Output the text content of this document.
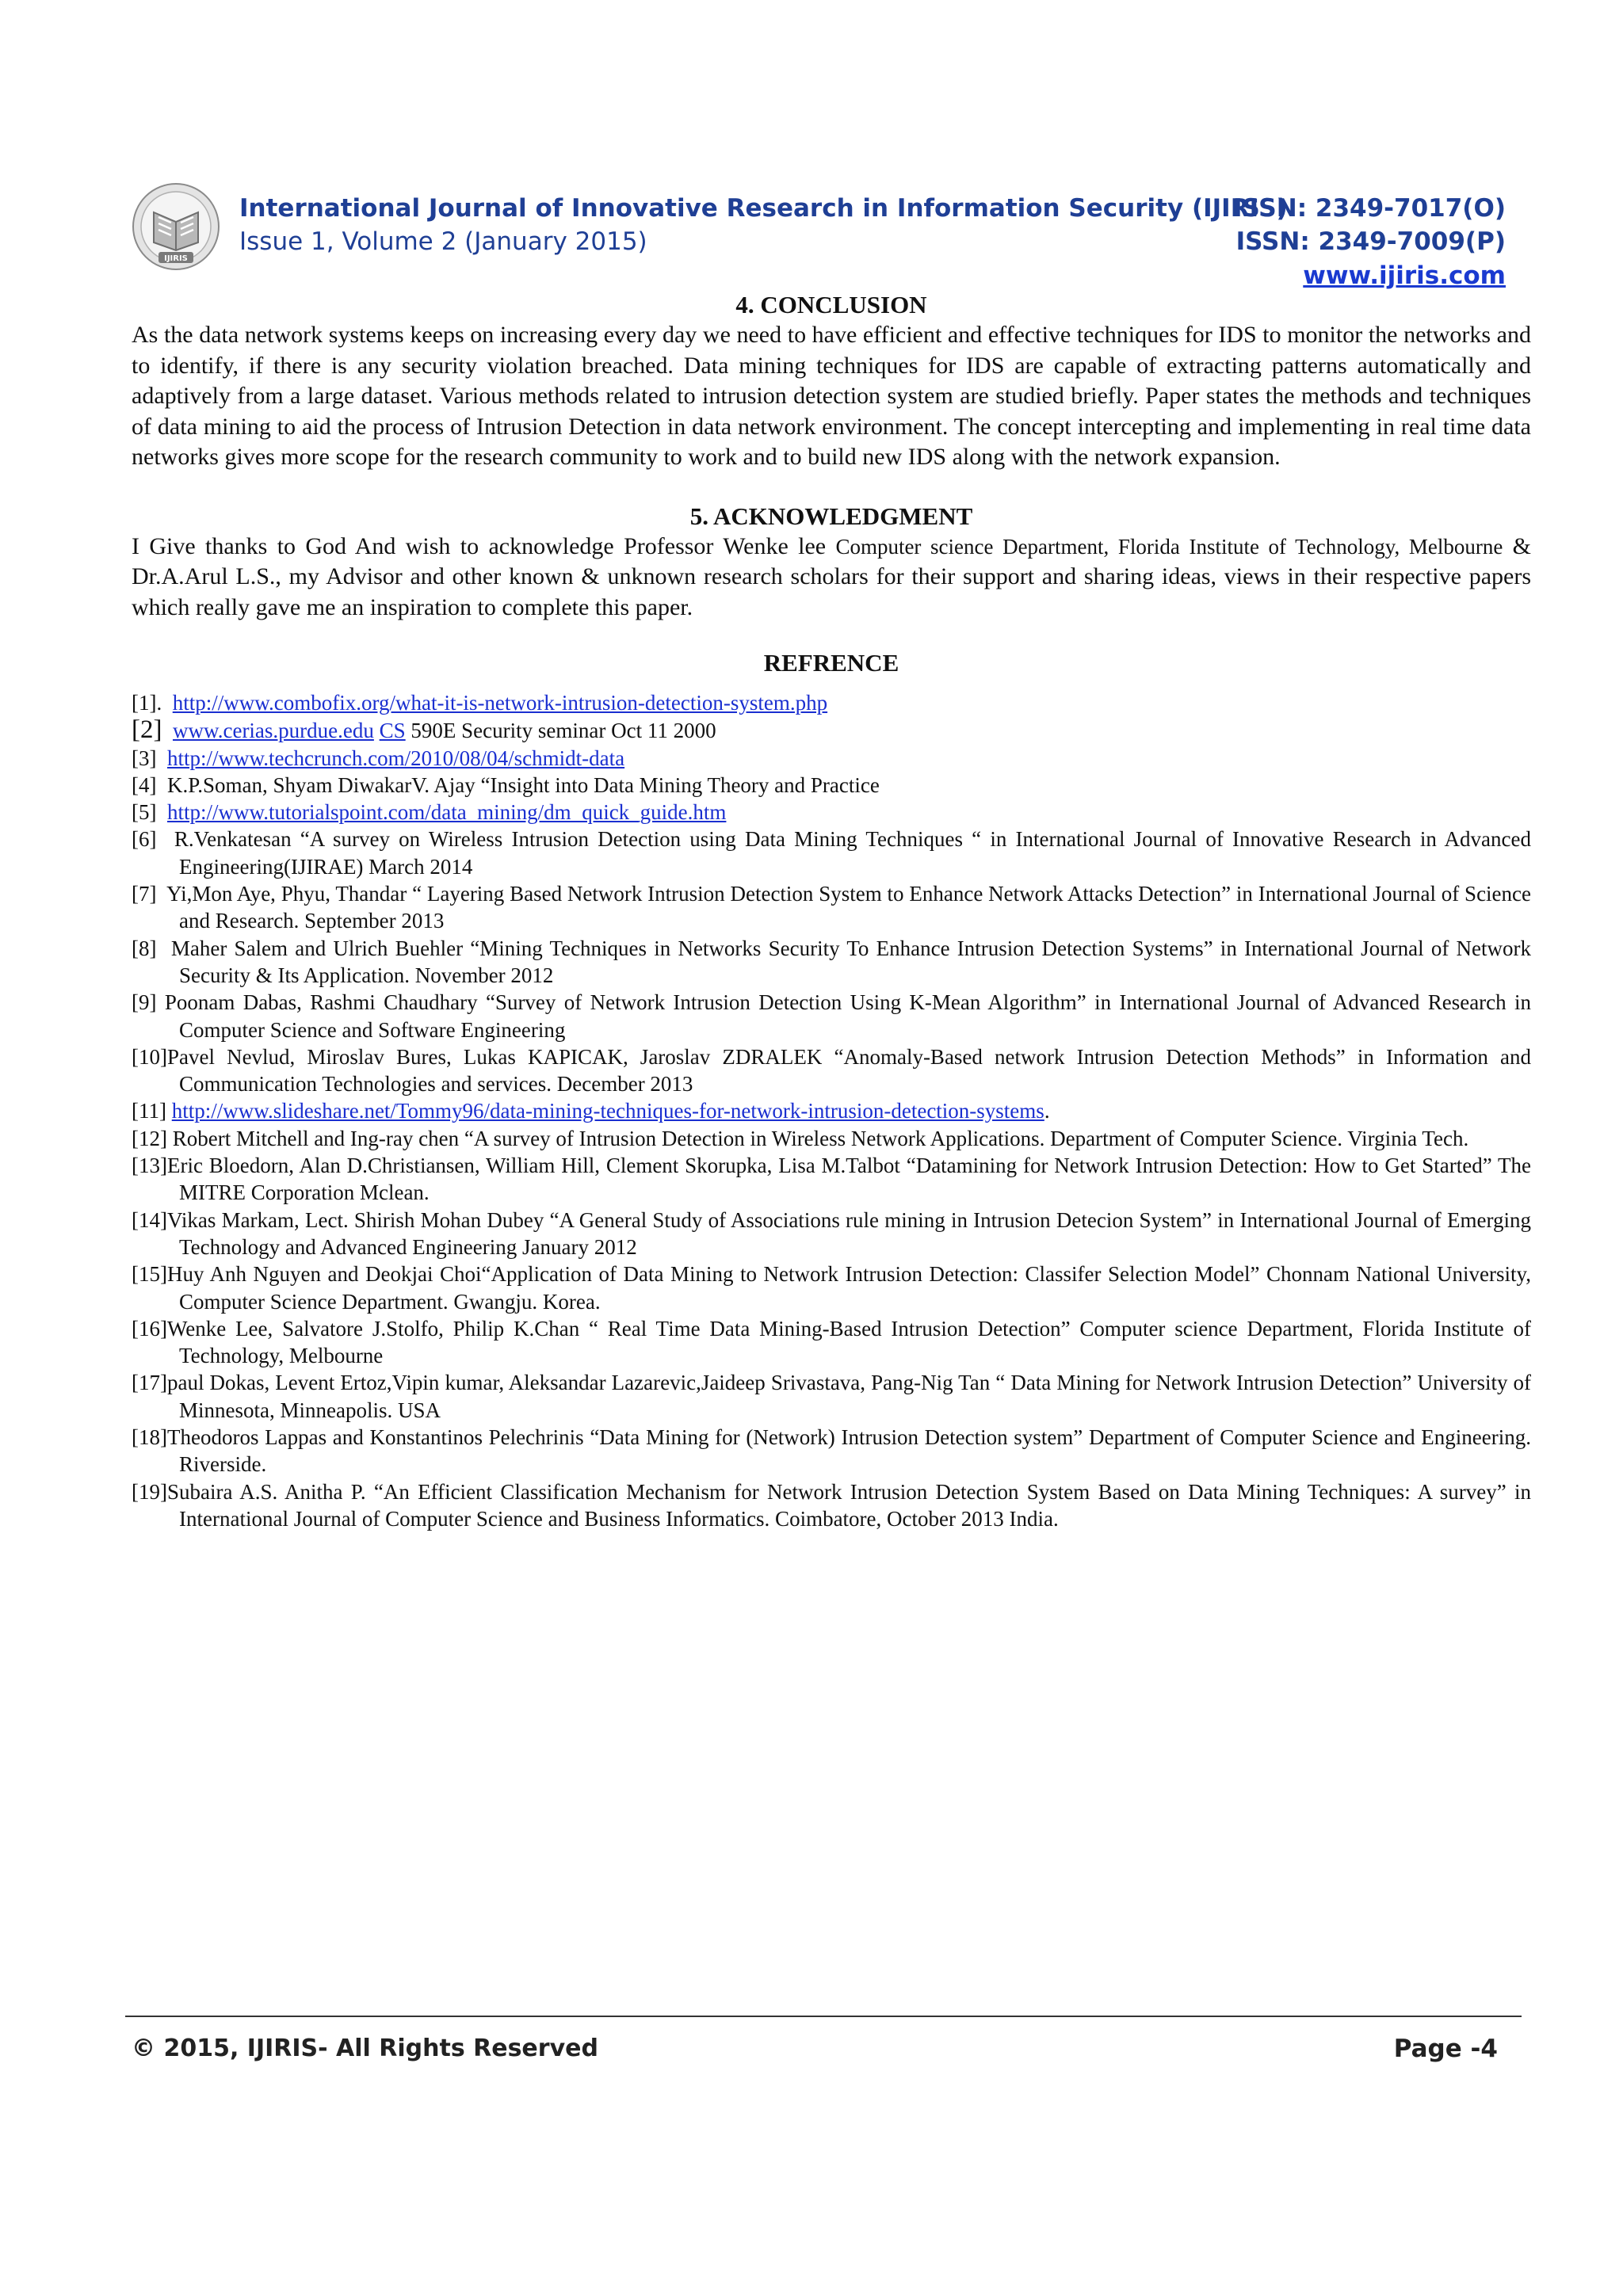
IJIRIS
International Journal of Innovative Research in Information Security (IJIRIS)
Issue 1, Volume 2 (January 2015)
ISSN: 2349-7017(O)
ISSN: 2349-7009(P)
www.ijiris.com
4. CONCLUSION

As the data network systems keeps on increasing every day we need to have efficient and effective techniques for IDS to monitor the networks and to identify, if there is any security violation breached. Data mining techniques for IDS are capable of extracting patterns automatically and adaptively from a large dataset. Various methods related to intrusion detection system are studied briefly. Paper states the methods and techniques of data mining to aid the process of Intrusion Detection in data network environment. The concept intercepting and implementing in real time data networks gives more scope for the research community to work and to build new IDS along with the network expansion.

5. ACKNOWLEDGMENT

I Give thanks to God And wish to acknowledge Professor Wenke lee Computer science Department, Florida Institute of Technology, Melbourne & Dr.A.Arul L.S., my Advisor and other known & unknown research scholars for their support and sharing ideas, views in their respective papers which really gave me an inspiration to complete this paper.

REFRENCE
[1]. http://www.combofix.org/what-it-is-network-intrusion-detection-system.php
[2] www.cerias.purdue.edu CS 590E Security seminar Oct 11 2000
[3] http://www.techcrunch.com/2010/08/04/schmidt-data
[4] K.P.Soman, Shyam DiwakarV. Ajay “Insight into Data Mining Theory and Practice
[5] http://www.tutorialspoint.com/data_mining/dm_quick_guide.htm
[6] R.Venkatesan “A survey on Wireless Intrusion Detection using Data Mining Techniques “ in International Journal of Innovative Research in Advanced Engineering(IJIRAE) March 2014
[7] Yi,Mon Aye, Phyu, Thandar “ Layering Based Network Intrusion Detection System to Enhance Network Attacks Detection” in International Journal of Science and Research. September 2013
[8] Maher Salem and Ulrich Buehler “Mining Techniques in Networks Security To Enhance Intrusion Detection Systems” in International Journal of Network Security & Its Application. November 2012
[9] Poonam Dabas, Rashmi Chaudhary “Survey of Network Intrusion Detection Using K-Mean Algorithm” in International Journal of Advanced Research in Computer Science and Software Engineering
[10]Pavel Nevlud, Miroslav Bures, Lukas KAPICAK, Jaroslav ZDRALEK “Anomaly-Based network Intrusion Detection Methods” in Information and Communication Technologies and services. December 2013
[11] http://www.slideshare.net/Tommy96/data-mining-techniques-for-network-intrusion-detection-systems.
[12] Robert Mitchell and Ing-ray chen “A survey of Intrusion Detection in Wireless Network Applications. Department of Computer Science. Virginia Tech.
[13]Eric Bloedorn, Alan D.Christiansen, William Hill, Clement Skorupka, Lisa M.Talbot “Datamining for Network Intrusion Detection: How to Get Started” The MITRE Corporation Mclean.
[14]Vikas Markam, Lect. Shirish Mohan Dubey “A General Study of Associations rule mining in Intrusion Detecion System” in International Journal of Emerging Technology and Advanced Engineering January 2012
[15]Huy Anh Nguyen and Deokjai Choi“Application of Data Mining to Network Intrusion Detection: Classifer Selection Model” Chonnam National University, Computer Science Department. Gwangju. Korea.
[16]Wenke Lee, Salvatore J.Stolfo, Philip K.Chan “ Real Time Data Mining-Based Intrusion Detection” Computer science Department, Florida Institute of Technology, Melbourne
[17]paul Dokas, Levent Ertoz,Vipin kumar, Aleksandar Lazarevic,Jaideep Srivastava, Pang-Nig Tan “ Data Mining for Network Intrusion Detection” University of Minnesota, Minneapolis. USA
[18]Theodoros Lappas and Konstantinos Pelechrinis “Data Mining for (Network) Intrusion Detection system” Department of Computer Science and Engineering. Riverside.
[19]Subaira A.S. Anitha P. “An Efficient Classification Mechanism for Network Intrusion Detection System Based on Data Mining Techniques: A survey” in International Journal of Computer Science and Business Informatics. Coimbatore, October 2013 India.
© 2015, IJIRIS- All Rights Reserved	Page -4
